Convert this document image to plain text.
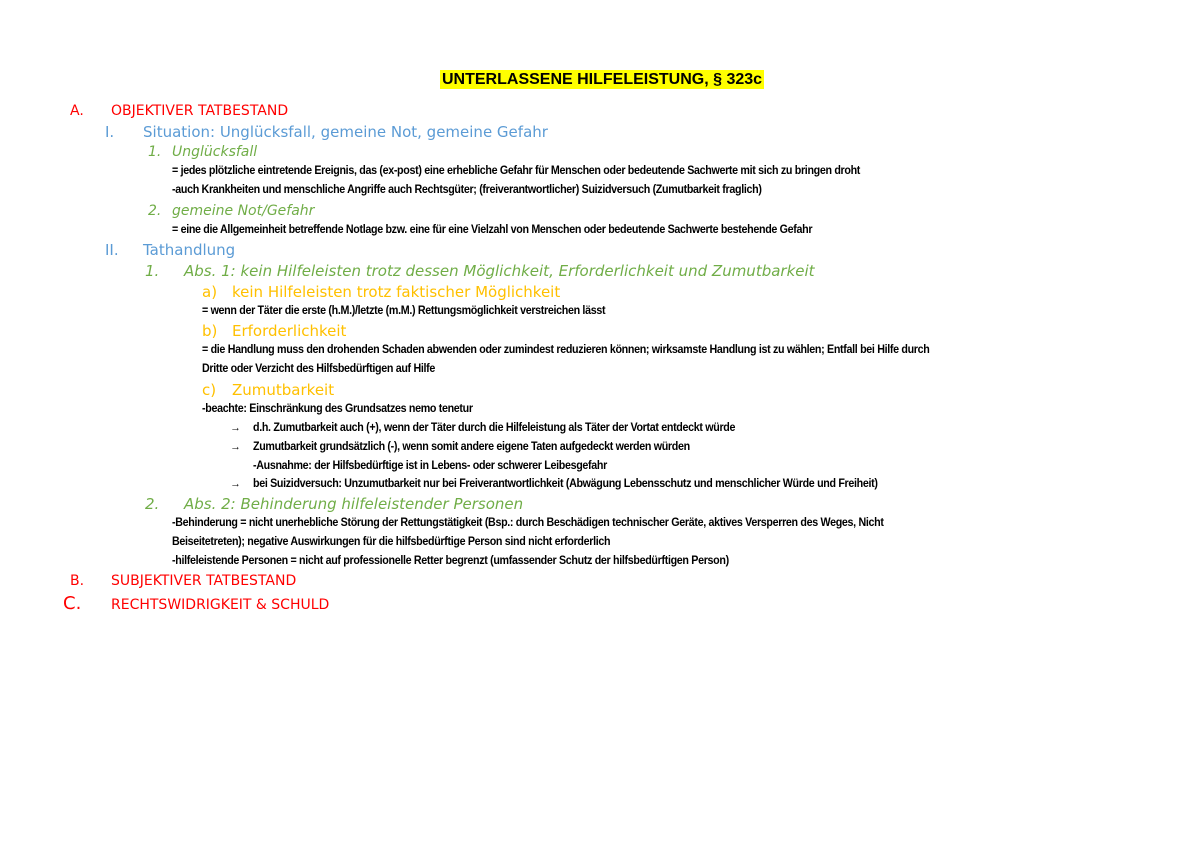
UNTERLASSENE HILFELEISTUNG, § 323c
A. OBJEKTIVER TATBESTAND
I. Situation: Unglücksfall, gemeine Not, gemeine Gefahr
1. Unglücksfall
= jedes plötzliche eintretende Ereignis, das (ex-post) eine erhebliche Gefahr für Menschen oder bedeutende Sachwerte mit sich zu bringen droht
-auch Krankheiten und menschliche Angriffe auch Rechtsgüter; (freiverantwortlicher) Suizidversuch (Zumutbarkeit fraglich)
2. gemeine Not/Gefahr
= eine die Allgemeinheit betreffende Notlage bzw. eine für eine Vielzahl von Menschen oder bedeutende Sachwerte bestehende Gefahr
II. Tathandlung
1. Abs. 1: kein Hilfeleisten trotz dessen Möglichkeit, Erforderlichkeit und Zumutbarkeit
a) kein Hilfeleisten trotz faktischer Möglichkeit
= wenn der Täter die erste (h.M.)/letzte (m.M.) Rettungsmöglichkeit verstreichen lässt
b) Erforderlichkeit
= die Handlung muss den drohenden Schaden abwenden oder zumindest reduzieren können; wirksamste Handlung ist zu wählen; Entfall bei Hilfe durch
Dritte oder Verzicht des Hilfsbedürftigen auf Hilfe
c) Zumutbarkeit
-beachte: Einschränkung des Grundsatzes nemo tenetur
→ d.h. Zumutbarkeit auch (+), wenn der Täter durch die Hilfeleistung als Täter der Vortat entdeckt würde
→ Zumutbarkeit grundsätzlich (-), wenn somit andere eigene Taten aufgedeckt werden würden
-Ausnahme: der Hilfsbedürftige ist in Lebens- oder schwerer Leibesgefahr
→ bei Suizidversuch: Unzumutbarkeit nur bei Freiverantwortlichkeit (Abwägung Lebensschutz und menschlicher Würde und Freiheit)
2. Abs. 2: Behinderung hilfeleistender Personen
-Behinderung = nicht unerhebliche Störung der Rettungstätigkeit (Bsp.: durch Beschädigen technischer Geräte, aktives Versperren des Weges, Nicht
Beiseitetreten); negative Auswirkungen für die hilfsbedürftige Person sind nicht erforderlich
-hilfeleistende Personen = nicht auf professionelle Retter begrenzt (umfassender Schutz der hilfsbedürftigen Person)
B. SUBJEKTIVER TATBESTAND
C. RECHTSWIDRIGKEIT & SCHULD
